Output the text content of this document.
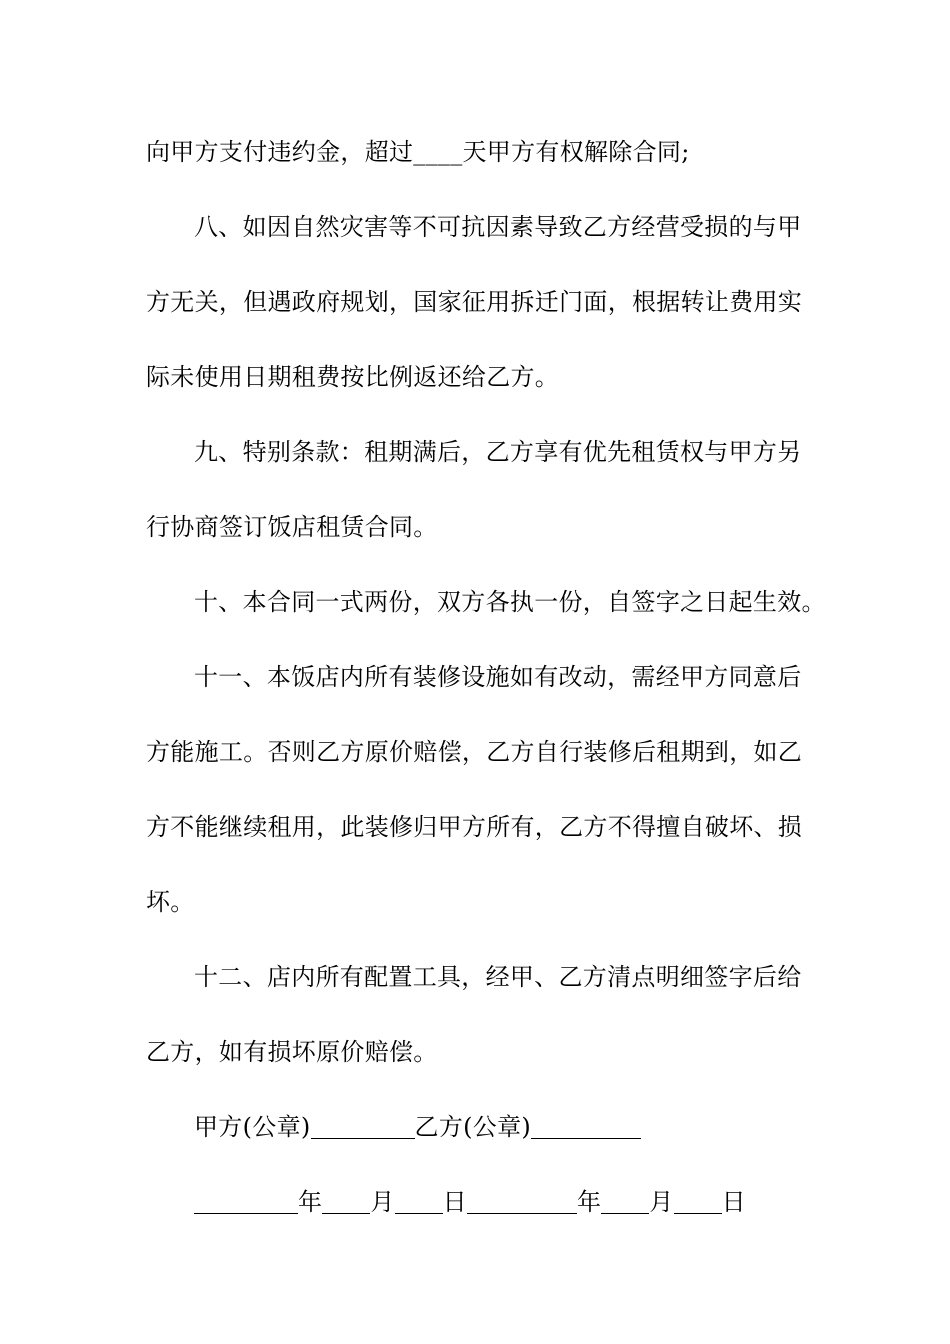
向甲方支付违约金，超过____天甲方有权解除合同;
八、如因自然灾害等不可抗因素导致乙方经营受损的与甲
方无关，但遇政府规划，国家征用拆迁门面，根据转让费用实
际未使用日期租费按比例返还给乙方。
九、特别条款：租期满后，乙方享有优先租赁权与甲方另
行协商签订饭店租赁合同。
十、本合同一式两份，双方各执一份，自签字之日起生效。
十一、本饭店内所有装修设施如有改动，需经甲方同意后
方能施工。否则乙方原价赔偿，乙方自行装修后租期到，如乙
方不能继续租用，此装修归甲方所有，乙方不得擅自破坏、损
坏。
十二、店内所有配置工具，经甲、乙方清点明细签字后给
乙方，如有损坏原价赔偿。
甲方(公章)	乙方(公章)
年 月 日	年 月 日
